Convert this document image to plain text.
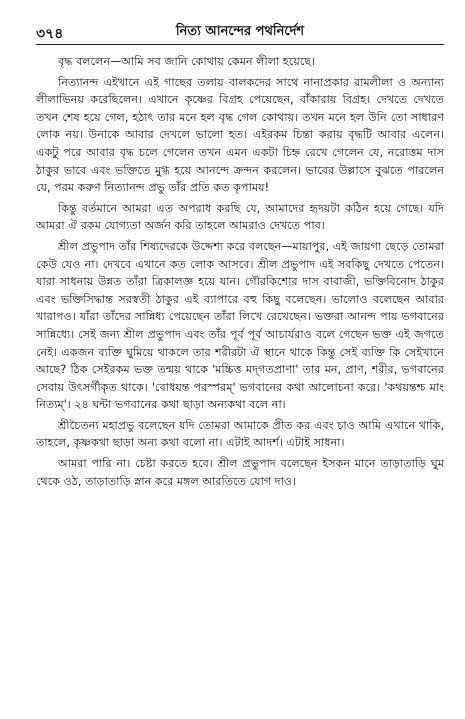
৩৭৪	নিত্য আনন্দের পথনির্দেশ

বৃদ্ধ বললেন—আমি সব জানি কোথায় কেমন লীলা হয়েছে।

নিত্যানন্দ এইখানে এই গাছের তলায় বালকদের সাথে নানাপ্রকার রামলীলা ও অন্যান্য লীলাভিনয় করেছিলেন। এখানে কৃষ্ণের বিগ্রহ পেয়েছেন, বাঁকারায় বিগ্রহ। দেখতে দেখতে তখন শেষ হয়ে গেল, হঠাৎ তার মনে হল বৃদ্ধ গেল কোথায়। তখন মনে হল উনি তো সাধারণ লোক নয়। উনাকে আবার দেখলে ভালো হত। এইরকম চিন্তা করায় বৃদ্ধটি আবার এলেন। একটু পরে আবার বৃদ্ধ চলে গেলেন তখন এমন একটা চিহ্ন রেখে গেলেন যে, নরোত্তম দাস ঠাকুর ভাবে এবং ভক্তিতে মুগ্ধ হয়ে আনন্দে ক্রন্দন করলেন। ভাবের উল্লাসে বুঝতে পারলেন যে, পরম করুণ নিত্যানন্দ প্রভু তাঁর প্রতি কত কৃপাময়!

কিন্তু বর্তমানে আমরা এত অপরাধ করছি যে, আমাদের হৃদয়টা কঠিন হয়ে গেছে। যদি আমরা ঐ রকম যোগ্যতা অর্জন করি তাহলে আমরাও দেখতে পাব।

শ্রীল প্রভুপাদ তাঁর শিষ্যদেরকে উদ্দেশ্য করে বলছেন—মায়াপুর, এই জায়গা ছেড়ে তোমরা কেউ যেও না। দেখবে এখানে কত লোক আসবে। শ্রীল প্রভুপাদ এই সবকিছু দেখতে পেতেন। যারা সাধনায় উন্নত তাঁরা ত্রিকালজ্ঞ হয়ে যান। গৌরকিশোর দাস বাবাজী, ভক্তিবিনোদ ঠাকুর এবং ভক্তিসিদ্ধান্ত সরস্বতী ঠাকুর এই ব্যাপারে বহু কিছু বলেছেন। ভালোও বলেছেন আবার খারাপও। যাঁরা তাঁদের সান্নিধ্য পেয়েছেন তাঁরা লিখে রেখেছেন। ভক্তরা আনন্দ পায় ভগবানের সান্নিধ্যে। সেই জন্য শ্রীল প্রভুপাদ এবং তাঁর পূর্ব পূর্ব আচার্যরাও বলে গেছেন ভক্ত এই জগতে নেই। একজন ব্যক্তি ঘুমিয়ে থাকলে তার শরীরটা ঐ স্থানে থাকে কিন্তু সেই ব্যক্তি কি সেইখানে আছে? ঠিক সেইরকম ভক্ত তন্ময় থাকে 'মচ্চিত্ত মদ্‌গতপ্রাণা' তার মন, প্রাণ, শরীর, ভগবানের সেবায় উৎসর্গীকৃত থাকে। 'বোধয়ন্ত পরস্পরম্' ভগবানের কথা আলোচনা করে। 'কথয়ন্তশ্চ মাং নিত্যম্'। ২৪ ঘন্টা ভগবানের কথা ছাড়া অন্যকথা বলে না।

শ্রীচৈতন্য মহাপ্রভু বলেছেন যদি তোমরা আমাকে প্রীত কর এবং চাও আমি এখানে থাকি, তাহলে, কৃষ্ণকথা ছাড়া অন্য কথা বলো না। এটাই আদর্শ। এটাই সাধনা।

আমরা পারি না। চেষ্টা করতে হবে। শ্রীল প্রভুপাদ বলেছেন ইসকন মানে তাড়াতাড়ি ঘুম থেকে ওঠ, তাড়াতাড়ি স্নান করে মঙ্গল আরতিতে যোগ দাও।
